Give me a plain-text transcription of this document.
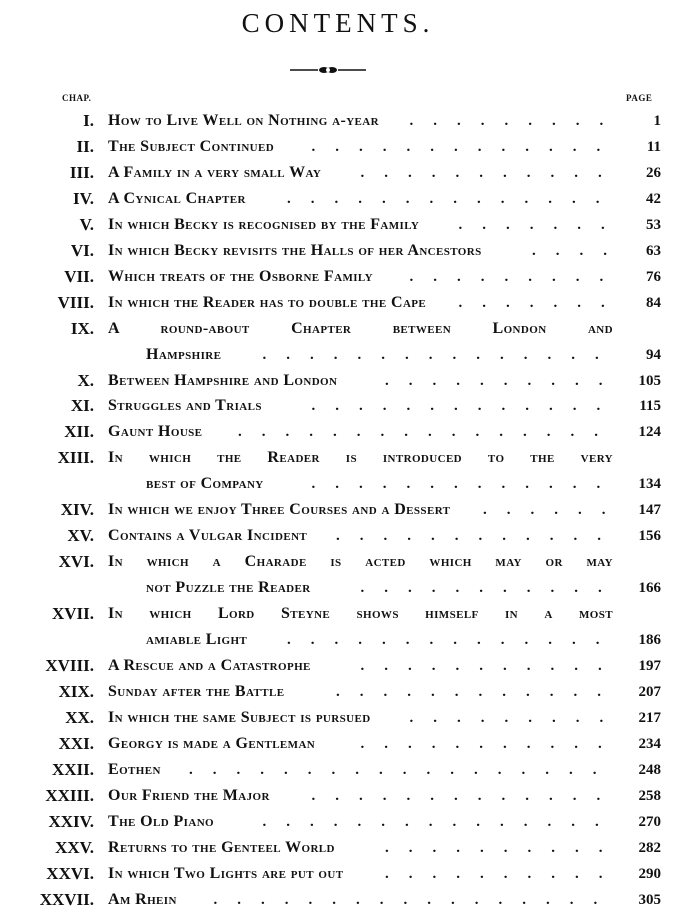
CONTENTS.
CHAP.	PAGE
I. How to Live Well on Nothing a-year ......... 1
II. The Subject Continued ............. 11
III. A Family in a very small Way	........... 26
IV. A Cynical Chapter	.............. 42
V. In which Becky is recognised by the Family	....... 53
VI. In which Becky revisits the Halls of her Ancestors	.... 63
VII. Which treats of the Osborne Family ......... 76
VIII. In which the Reader has to double the Cape ....... 84
IX. A round-about Chapter between London and
Hampshire	............... 94
X. Between Hampshire and London	.......... 105
XI. Struggles and Trials	............. 115
XII. Gaunt House ................ 124
XIII. In which the Reader is introduced to the very
best of Company	............. 134
XIV. In which we enjoy Three Courses and a Dessert ...... 147
XV. Contains a Vulgar Incident ............ 156
XVI. In which a Charade is acted which may or may
not Puzzle the Reader	........... 166
XVII. In which Lord Steyne shows himself in a most
amiable Light	.............. 186
XVIII. A Rescue and a Catastrophe	........... 197
XIX. Sunday after the Battle	............ 207
XX. In which the same Subject is pursued	......... 217
XXI. Georgy is made a Gentleman	........... 234
XXII. Eothen .................. 248
XXIII. Our Friend the Major	............. 258
XXIV. The Old Piano	............... 270
XXV. Returns to the Genteel World	.......... 282
XXVI. In which Two Lights are put out	.......... 290
XXVII. Am Rhein ................. 305
